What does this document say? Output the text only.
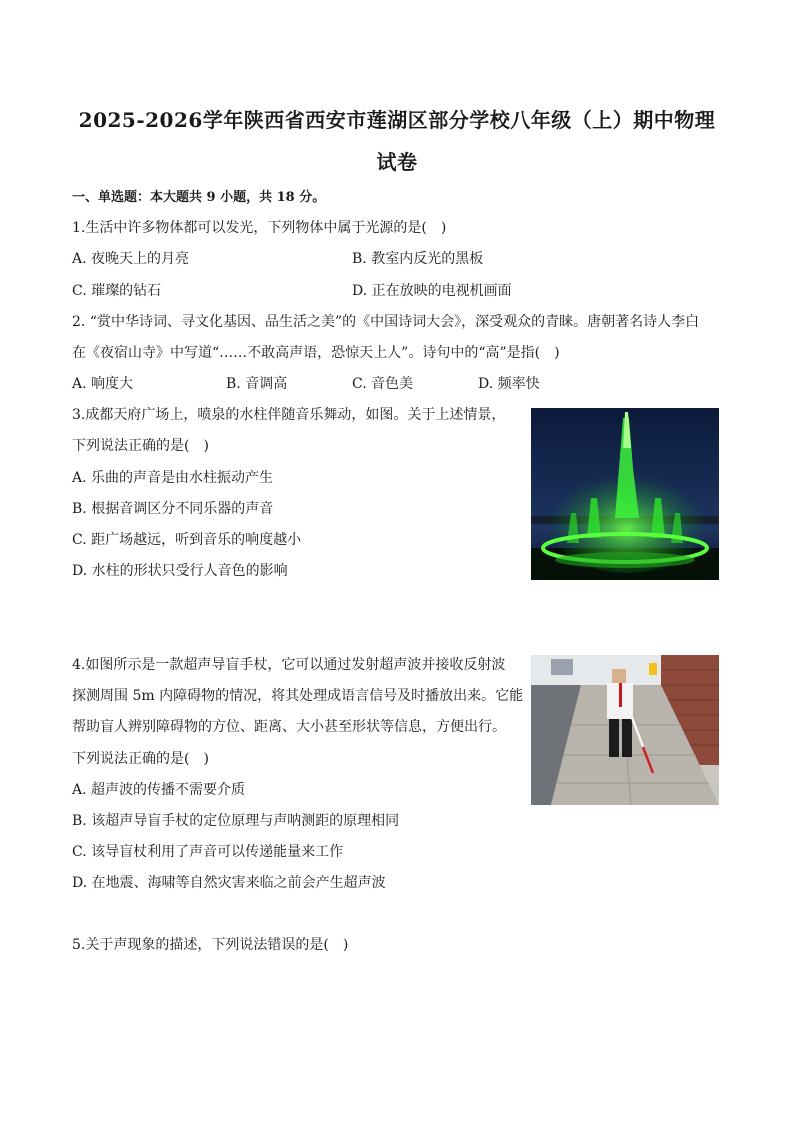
2025-2026学年陕西省西安市莲湖区部分学校八年级（上）期中物理
试卷
一、单选题：本大题共 9 小题，共 18 分。
1.生活中许多物体都可以发光，下列物体中属于光源的是(　)
A. 夜晚天上的月亮	B. 教室内反光的黑板
C. 璀璨的钻石	D. 正在放映的电视机画面
2. “赏中华诗词、寻文化基因、品生活之美”的《中国诗词大会》，深受观众的青睐。唐朝著名诗人李白
在《夜宿山寺》中写道“……不敢高声语，恐惊天上人”。诗句中的“高”是指(　)
A. 响度大	B. 音调高	C. 音色美	D. 频率快
3.成都天府广场上，喷泉的水柱伴随音乐舞动，如图。关于上述情景，
下列说法正确的是(　)
A. 乐曲的声音是由水柱振动产生
B. 根据音调区分不同乐器的声音
C. 距广场越远，听到音乐的响度越小
D. 水柱的形状只受行人音色的影响
4.如图所示是一款超声导盲手杖，它可以通过发射超声波并接收反射波
探测周围 5m 内障碍物的情况，将其处理成语言信号及时播放出来。它能
帮助盲人辨别障碍物的方位、距离、大小甚至形状等信息，方便出行。
下列说法正确的是(　)
A. 超声波的传播不需要介质
B. 该超声导盲手杖的定位原理与声呐测距的原理相同
C. 该导盲杖利用了声音可以传递能量来工作
D. 在地震、海啸等自然灾害来临之前会产生超声波
5.关于声现象的描述，下列说法错误的是(　)
